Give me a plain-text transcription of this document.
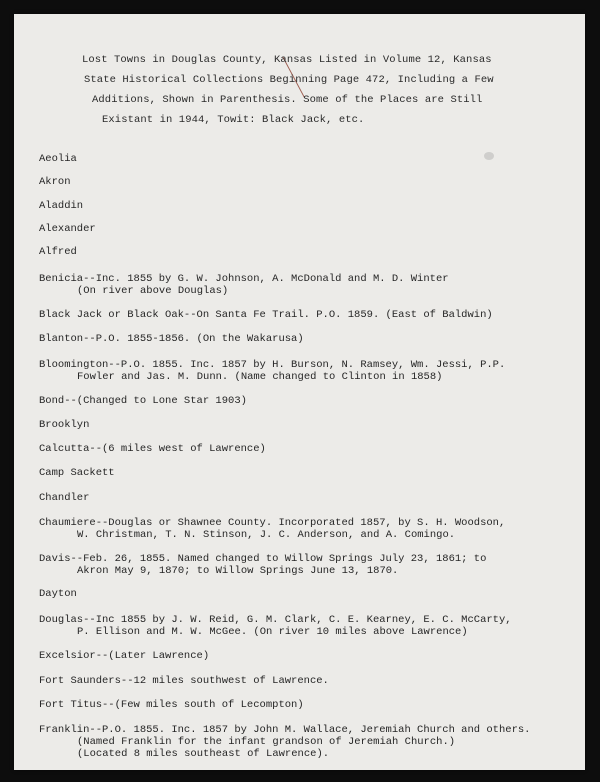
Lost Towns in Douglas County, Kansas Listed in Volume 12, Kansas
State Historical Collections Beginning Page 472, Including a Few
Additions, Shown in Parenthesis. Some of the Places are Still
Existant in 1944, Towit: Black Jack, etc.
Aeolia
Akron
Aladdin
Alexander
Alfred
Benicia--Inc. 1855 by G. W. Johnson, A. McDonald and M. D. Winter
(On river above Douglas)
Black Jack or Black Oak--On Santa Fe Trail. P.O. 1859. (East of Baldwin)
Blanton--P.O. 1855-1856. (On the Wakarusa)
Bloomington--P.O. 1855. Inc. 1857 by H. Burson, N. Ramsey, Wm. Jessi, P.P.
Fowler and Jas. M. Dunn. (Name changed to Clinton in 1858)
Bond--(Changed to Lone Star 1903)
Brooklyn
Calcutta--(6 miles west of Lawrence)
Camp Sackett
Chandler
Chaumiere--Douglas or Shawnee County. Incorporated 1857, by S. H. Woodson,
W. Christman, T. N. Stinson, J. C. Anderson, and A. Comingo.
Davis--Feb. 26, 1855. Named changed to Willow Springs July 23, 1861; to
Akron May 9, 1870; to Willow Springs June 13, 1870.
Dayton
Douglas--Inc 1855 by J. W. Reid, G. M. Clark, C. E. Kearney, E. C. McCarty,
P. Ellison and M. W. McGee. (On river 10 miles above Lawrence)
Excelsior--(Later Lawrence)
Fort Saunders--12 miles southwest of Lawrence.
Fort Titus--(Few miles south of Lecompton)
Franklin--P.O. 1855. Inc. 1857 by John M. Wallace, Jeremiah Church and others.
(Named Franklin for the infant grandson of Jeremiah Church.)
(Located 8 miles southeast of Lawrence).
